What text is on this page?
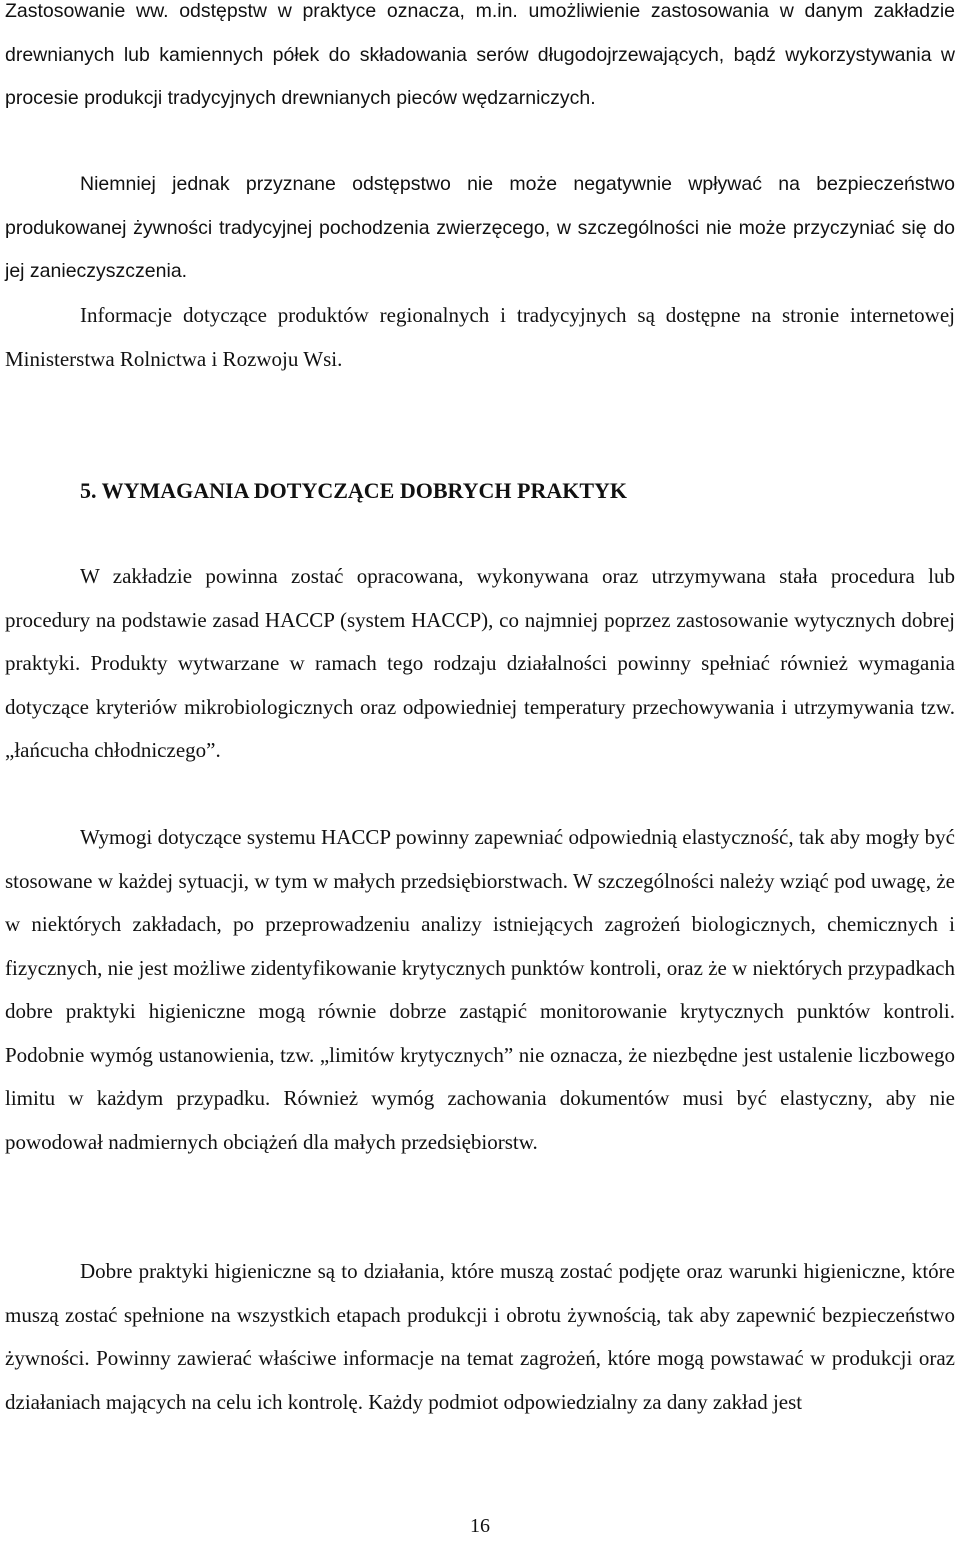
Zastosowanie ww. odstępstw w praktyce oznacza, m.in. umożliwienie zastosowania w danym zakładzie drewnianych lub kamiennych półek do składowania serów długodojrzewających, bądź wykorzystywania w procesie produkcji tradycyjnych drewnianych pieców wędzarniczych.

Niemniej jednak przyznane odstępstwo nie może negatywnie wpływać na bezpieczeństwo produkowanej żywności tradycyjnej pochodzenia zwierzęcego, w szczególności nie może przyczyniać się do jej zanieczyszczenia.

Informacje dotyczące produktów regionalnych i tradycyjnych są dostępne na stronie internetowej Ministerstwa Rolnictwa i Rozwoju Wsi.

5. WYMAGANIA DOTYCZĄCE DOBRYCH PRAKTYK

W zakładzie powinna zostać opracowana, wykonywana oraz utrzymywana stała procedura lub procedury na podstawie zasad HACCP (system HACCP), co najmniej poprzez zastosowanie wytycznych dobrej praktyki. Produkty wytwarzane w ramach tego rodzaju działalności powinny spełniać również wymagania dotyczące kryteriów mikrobiologicznych oraz odpowiedniej temperatury przechowywania i utrzymywania tzw. „łańcucha chłodniczego”.

Wymogi dotyczące systemu HACCP powinny zapewniać odpowiednią elastyczność, tak aby mogły być stosowane w każdej sytuacji, w tym w małych przedsiębiorstwach. W szczególności należy wziąć pod uwagę, że w niektórych zakładach, po przeprowadzeniu analizy istniejących zagrożeń biologicznych, chemicznych i fizycznych, nie jest możliwe zidentyfikowanie krytycznych punktów kontroli, oraz że w niektórych przypadkach dobre praktyki higieniczne mogą równie dobrze zastąpić monitorowanie krytycznych punktów kontroli. Podobnie wymóg ustanowienia, tzw. „limitów krytycznych” nie oznacza, że niezbędne jest ustalenie liczbowego limitu w każdym przypadku. Również wymóg zachowania dokumentów musi być elastyczny, aby nie powodował nadmiernych obciążeń dla małych przedsiębiorstw.

Dobre praktyki higieniczne są to działania, które muszą zostać podjęte oraz warunki higieniczne, które muszą zostać spełnione na wszystkich etapach produkcji i obrotu żywnością, tak aby zapewnić bezpieczeństwo żywności. Powinny zawierać właściwe informacje na temat zagrożeń, które mogą powstawać w produkcji oraz działaniach mających na celu ich kontrolę. Każdy podmiot odpowiedzialny za dany zakład jest

16
